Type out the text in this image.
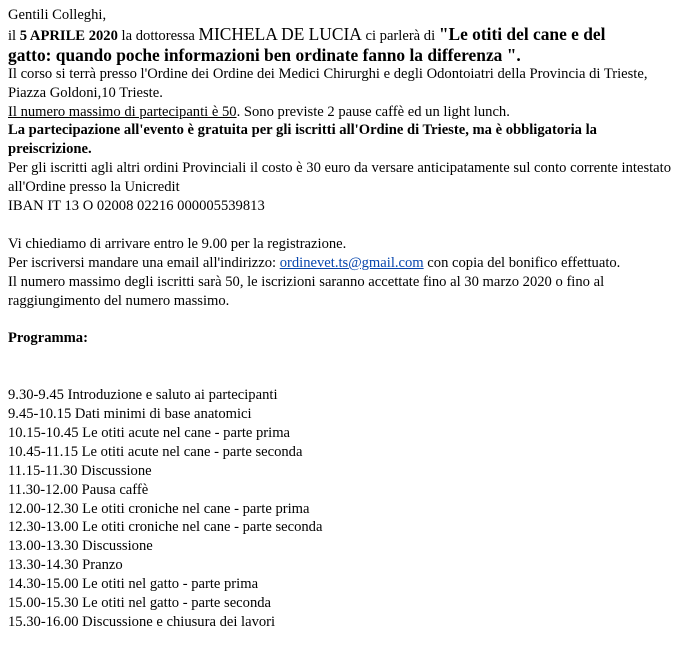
Gentili Colleghi,
il 5 APRILE 2020 la dottoressa MICHELA DE LUCIA ci parlerà di "Le otiti del cane e del
gatto: quando poche informazioni ben ordinate fanno la differenza ".
Il corso si terrà presso l'Ordine dei Ordine dei Medici Chirurghi e degli Odontoiatri della Provincia di Trieste,
Piazza Goldoni,10 Trieste.
Il numero massimo di partecipanti è 50. Sono previste 2 pause caffè ed un light lunch.
La partecipazione all'evento è gratuita per gli iscritti all'Ordine di Trieste, ma è obbligatoria la
preiscrizione.
Per gli iscritti agli altri ordini Provinciali il costo è 30 euro da versare anticipatamente sul conto corrente intestato
all'Ordine presso la Unicredit
IBAN IT 13 O 02008 02216 000005539813
Vi chiediamo di arrivare entro le 9.00 per la registrazione.
Per iscriversi mandare una email all'indirizzo: ordinevet.ts@gmail.com con copia del bonifico effettuato.
Il numero massimo degli iscritti sarà 50, le iscrizioni saranno accettate fino al 30 marzo 2020 o fino al
raggiungimento del numero massimo.
Programma:
9.30-9.45 Introduzione e saluto ai partecipanti
9.45-10.15 Dati minimi di base anatomici
10.15-10.45 Le otiti acute nel cane - parte prima
10.45-11.15 Le otiti acute nel cane - parte seconda
11.15-11.30 Discussione
11.30-12.00 Pausa caffè
12.00-12.30 Le otiti croniche nel cane - parte prima
12.30-13.00 Le otiti croniche nel cane - parte seconda
13.00-13.30 Discussione
13.30-14.30 Pranzo
14.30-15.00 Le otiti nel gatto - parte prima
15.00-15.30 Le otiti nel gatto - parte seconda
15.30-16.00 Discussione e chiusura dei lavori
